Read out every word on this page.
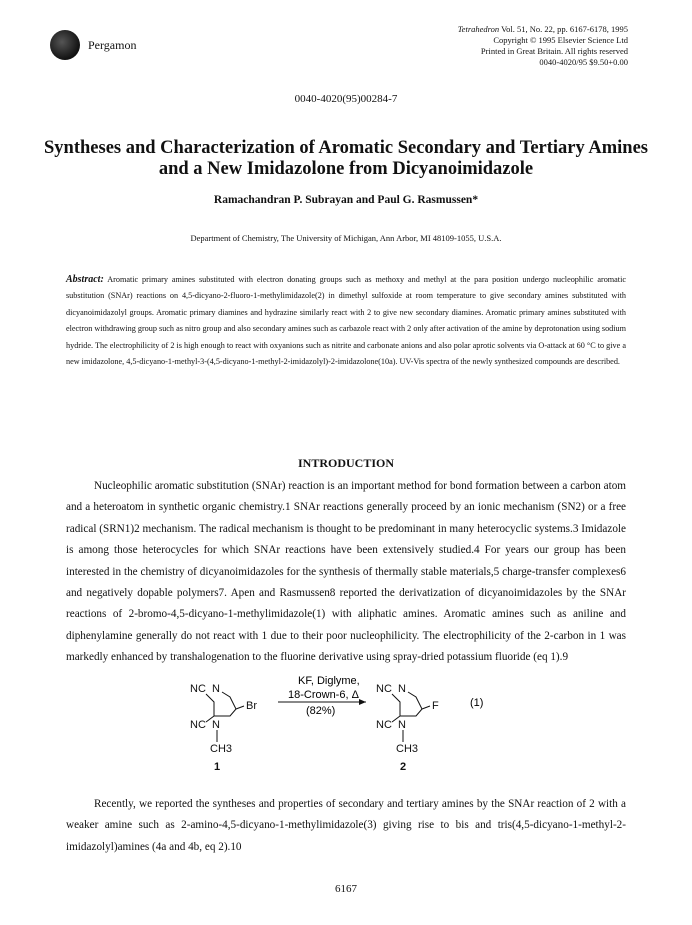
Pergamon
Tetrahedron Vol. 51, No. 22, pp. 6167-6178, 1995
Copyright © 1995 Elsevier Science Ltd
Printed in Great Britain. All rights reserved
0040-4020/95 $9.50+0.00
0040-4020(95)00284-7
Syntheses and Characterization of Aromatic Secondary and Tertiary Amines and a New Imidazolone from Dicyanoimidazole
Ramachandran P. Subrayan and Paul G. Rasmussen*
Department of Chemistry, The University of Michigan, Ann Arbor, MI 48109-1055, U.S.A.
Abstract: Aromatic primary amines substituted with electron donating groups such as methoxy and methyl at the para position undergo nucleophilic aromatic substitution (SNAr) reactions on 4,5-dicyano-2-fluoro-1-methylimidazole(2) in dimethyl sulfoxide at room temperature to give secondary amines substituted with dicyanoimidazolyl groups. Aromatic primary diamines and hydrazine similarly react with 2 to give new secondary diamines. Aromatic primary amines substituted with electron withdrawing group such as nitro group and also secondary amines such as carbazole react with 2 only after activation of the amine by deprotonation using sodium hydride. The electrophilicity of 2 is high enough to react with oxyanions such as nitrite and carbonate anions and also polar aprotic solvents via O-attack at 60 °C to give a new imidazolone, 4,5-dicyano-1-methyl-3-(4,5-dicyano-1-methyl-2-imidazolyl)-2-imidazolone(10a). UV-Vis spectra of the newly synthesized compounds are described.
INTRODUCTION
Nucleophilic aromatic substitution (SNAr) reaction is an important method for bond formation between a carbon atom and a heteroatom in synthetic organic chemistry.1 SNAr reactions generally proceed by an ionic mechanism (SN2) or a free radical (SRN1)2 mechanism. The radical mechanism is thought to be predominant in many heterocyclic systems.3 Imidazole is among those heterocycles for which SNAr reactions have been extensively studied.4 For years our group has been interested in the chemistry of dicyanoimidazoles for the synthesis of thermally stable materials,5 charge-transfer complexes6 and negatively dopable polymers7. Apen and Rasmussen8 reported the derivatization of dicyanoimidazoles by the SNAr reactions of 2-bromo-4,5-dicyano-1-methylimidazole(1) with aliphatic amines. Aromatic amines such as aniline and diphenylamine generally do not react with 1 due to their poor nucleophilicity. The electrophilicity of the 2-carbon in 1 was markedly enhanced by transhalogenation to the fluorine derivative using spray-dried potassium fluoride (eq 1).9
NC N
Br
NC N
CH3
1
KF, Diglyme,
18-Crown-6, Δ
(82%)
NC N
F
NC N
CH3
2
(1)
Recently, we reported the syntheses and properties of secondary and tertiary amines by the SNAr reaction of 2 with a weaker amine such as 2-amino-4,5-dicyano-1-methylimidazole(3) giving rise to bis and tris(4,5-dicyano-1-methyl-2-imidazolyl)amines (4a and 4b, eq 2).10
6167
